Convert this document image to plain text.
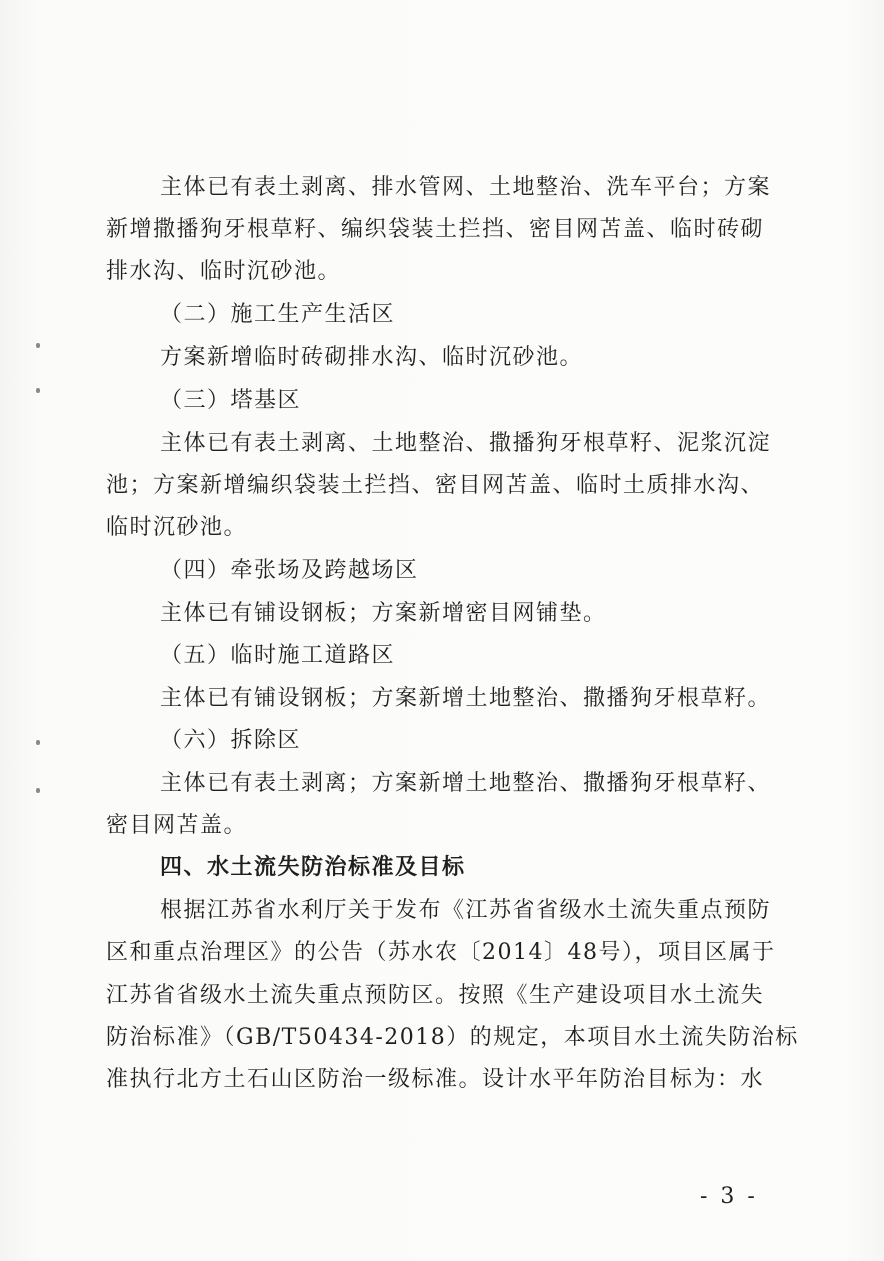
主体已有表土剥离、排水管网、土地整治、洗车平台；方案
新增撒播狗牙根草籽、编织袋装土拦挡、密目网苫盖、临时砖砌
排水沟、临时沉砂池。
（二）施工生产生活区
方案新增临时砖砌排水沟、临时沉砂池。
（三）塔基区
主体已有表土剥离、土地整治、撒播狗牙根草籽、泥浆沉淀
池；方案新增编织袋装土拦挡、密目网苫盖、临时土质排水沟、
临时沉砂池。
（四）牵张场及跨越场区
主体已有铺设钢板；方案新增密目网铺垫。
（五）临时施工道路区
主体已有铺设钢板；方案新增土地整治、撒播狗牙根草籽。
（六）拆除区
主体已有表土剥离；方案新增土地整治、撒播狗牙根草籽、
密目网苫盖。
四、水土流失防治标准及目标
根据江苏省水利厅关于发布《江苏省省级水土流失重点预防
区和重点治理区》的公告（苏水农〔2014〕48号），项目区属于
江苏省省级水土流失重点预防区。按照《生产建设项目水土流失
防治标准》（GB/T50434-2018）的规定，本项目水土流失防治标
准执行北方土石山区防治一级标准。设计水平年防治目标为：水
- 3 -
